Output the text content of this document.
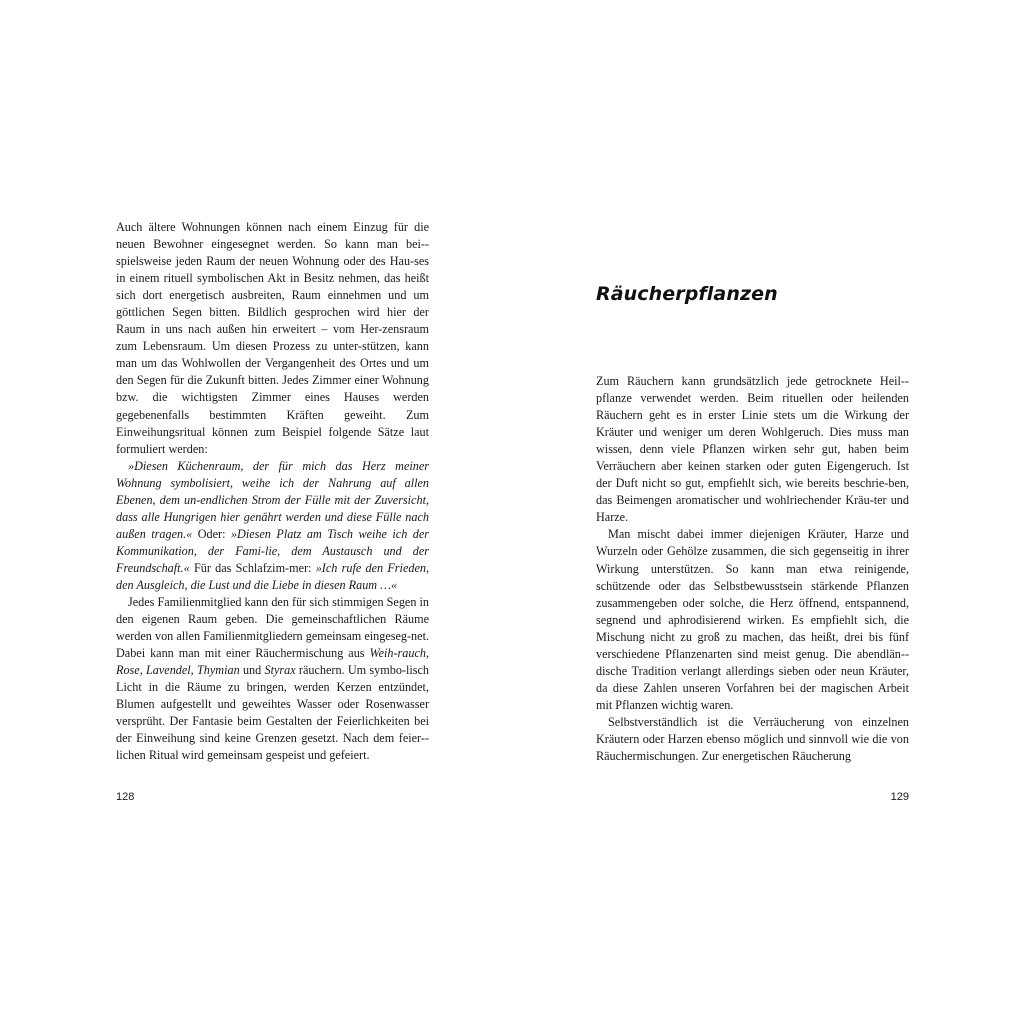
Auch ältere Wohnungen können nach einem Einzug für die neuen Bewohner eingesegnet werden. So kann man bei-spielsweise jeden Raum der neuen Wohnung oder des Hau-ses in einem rituell symbolischen Akt in Besitz nehmen, das heißt sich dort energetisch ausbreiten, Raum einnehmen und um göttlichen Segen bitten. Bildlich gesprochen wird hier der Raum in uns nach außen hin erweitert – vom Her-zensraum zum Lebensraum. Um diesen Prozess zu unter-stützen, kann man um das Wohlwollen der Vergangenheit des Ortes und um den Segen für die Zukunft bitten. Jedes Zimmer einer Wohnung bzw. die wichtigsten Zimmer eines Hauses werden gegebenenfalls bestimmten Kräften geweiht. Zum Einweihungsritual können zum Beispiel folgende Sätze laut formuliert werden:

»Diesen Küchenraum, der für mich das Herz meiner Wohnung symbolisiert, weihe ich der Nahrung auf allen Ebenen, dem un-endlichen Strom der Fülle mit der Zuversicht, dass alle Hungrigen hier genährt werden und diese Fülle nach außen tragen.« Oder: »Diesen Platz am Tisch weihe ich der Kommunikation, der Fami-lie, dem Austausch und der Freundschaft.« Für das Schlafzim-mer: »Ich rufe den Frieden, den Ausgleich, die Lust und die Liebe in diesen Raum …«

Jedes Familienmitglied kann den für sich stimmigen Segen in den eigenen Raum geben. Die gemeinschaftlichen Räume werden von allen Familienmitgliedern gemeinsam eingeseg-net. Dabei kann man mit einer Räuchermischung aus Weih-rauch, Rose, Lavendel, Thymian und Styrax räuchern. Um symbo-lisch Licht in die Räume zu bringen, werden Kerzen entzündet, Blumen aufgestellt und geweihtes Wasser oder Rosenwasser versprüht. Der Fantasie beim Gestalten der Feierlichkeiten bei der Einweihung sind keine Grenzen gesetzt. Nach dem feier-lichen Ritual wird gemeinsam gespeist und gefeiert.

128
Räucherpflanzen

Zum Räuchern kann grundsätzlich jede getrocknete Heil-pflanze verwendet werden. Beim rituellen oder heilenden Räuchern geht es in erster Linie stets um die Wirkung der Kräuter und weniger um deren Wohlgeruch. Dies muss man wissen, denn viele Pflanzen wirken sehr gut, haben beim Verräuchern aber keinen starken oder guten Eigengeruch. Ist der Duft nicht so gut, empfiehlt sich, wie bereits beschrie-ben, das Beimengen aromatischer und wohlriechender Kräu-ter und Harze.

Man mischt dabei immer diejenigen Kräuter, Harze und Wurzeln oder Gehölze zusammen, die sich gegenseitig in ihrer Wirkung unterstützen. So kann man etwa reinigende, schützende oder das Selbstbewusstsein stärkende Pflanzen zusammengeben oder solche, die Herz öffnend, entspannend, segnend und aphrodisierend wirken. Es empfiehlt sich, die Mischung nicht zu groß zu machen, das heißt, drei bis fünf verschiedene Pflanzenarten sind meist genug. Die abendlän-dische Tradition verlangt allerdings sieben oder neun Kräuter, da diese Zahlen unseren Vorfahren bei der magischen Arbeit mit Pflanzen wichtig waren.

Selbstverständlich ist die Verräucherung von einzelnen Kräutern oder Harzen ebenso möglich und sinnvoll wie die von Räuchermischungen. Zur energetischen Räucherung

129
